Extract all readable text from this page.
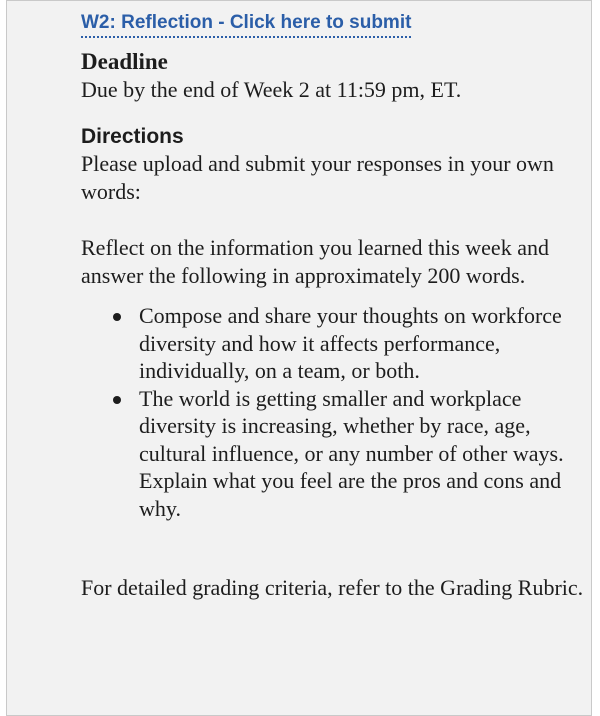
W2: Reflection - Click here to submit
Deadline

Due by the end of Week 2 at 11:59 pm, ET.

Directions

Please upload and submit your responses in your own words:

Reflect on the information you learned this week and answer the following in approximately 200 words.

Compose and share your thoughts on workforce diversity and how it affects performance, individually, on a team, or both.
The world is getting smaller and workplace diversity is increasing, whether by race, age, cultural influence, or any number of other ways. Explain what you feel are the pros and cons and why.

For detailed grading criteria, refer to the Grading Rubric.
